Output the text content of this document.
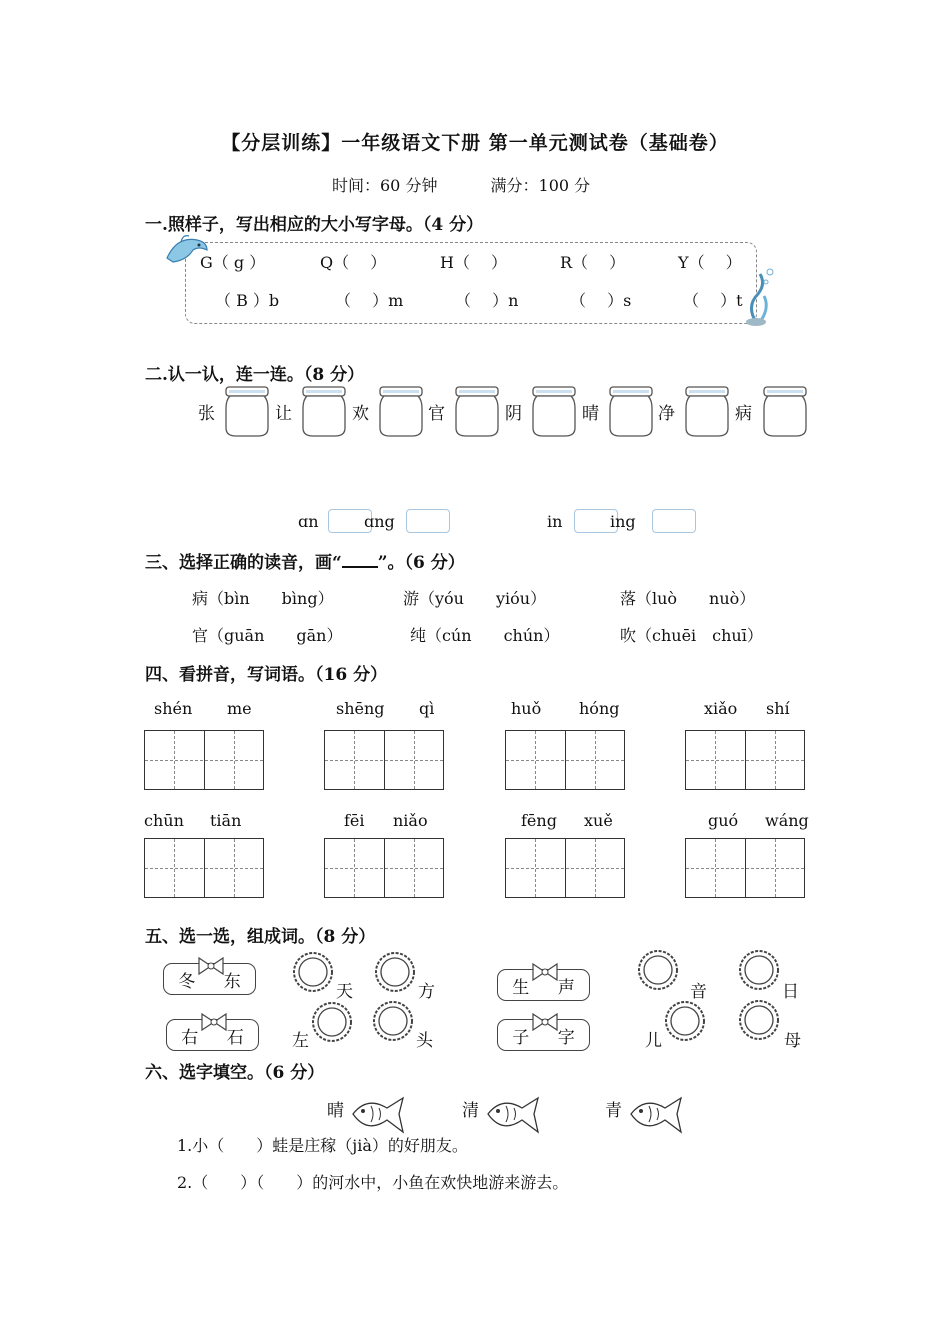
【分层训练】一年级语文下册 第一单元测试卷（基础卷）
时间：60 分钟	满分：100 分
一.照样子，写出相应的大小写字母。（4 分）
G（ g ）	Q（　 ）	H（　 ）	R（　 ）	Y（　 ）
（ B ）b	（　 ）m	（　 ）n	（　 ）s	（　 ）t
二.认一认，连一连。（8 分）
张	让	欢	官	阴	晴	净	病
ɑn	ɑng	in	ing
三、选择正确的读音，画“ ”。（6 分）
病（bìn　　bìng）	游（yóu　　yióu）	落（luò　　nuò）
官（guān　　gān）	纯（cún　　chún）	吹（chuēi　chuī）
四、看拼音，写词语。（16 分）
shén me	shēng qì	huǒ hóng	xiǎo shí
chūn tiān	fēi niǎo	fēng xuě	guó wáng
五、选一选，组成词。（8 分）
冬 东	生 声
右 石	子 字
天	方	音	日
左	头	儿	母
六、选字填空。（6 分）
晴	清	青
1.小（　　）蛙是庄稼（jià）的好朋友。
2.（　　）（　　）的河水中，小鱼在欢快地游来游去。
